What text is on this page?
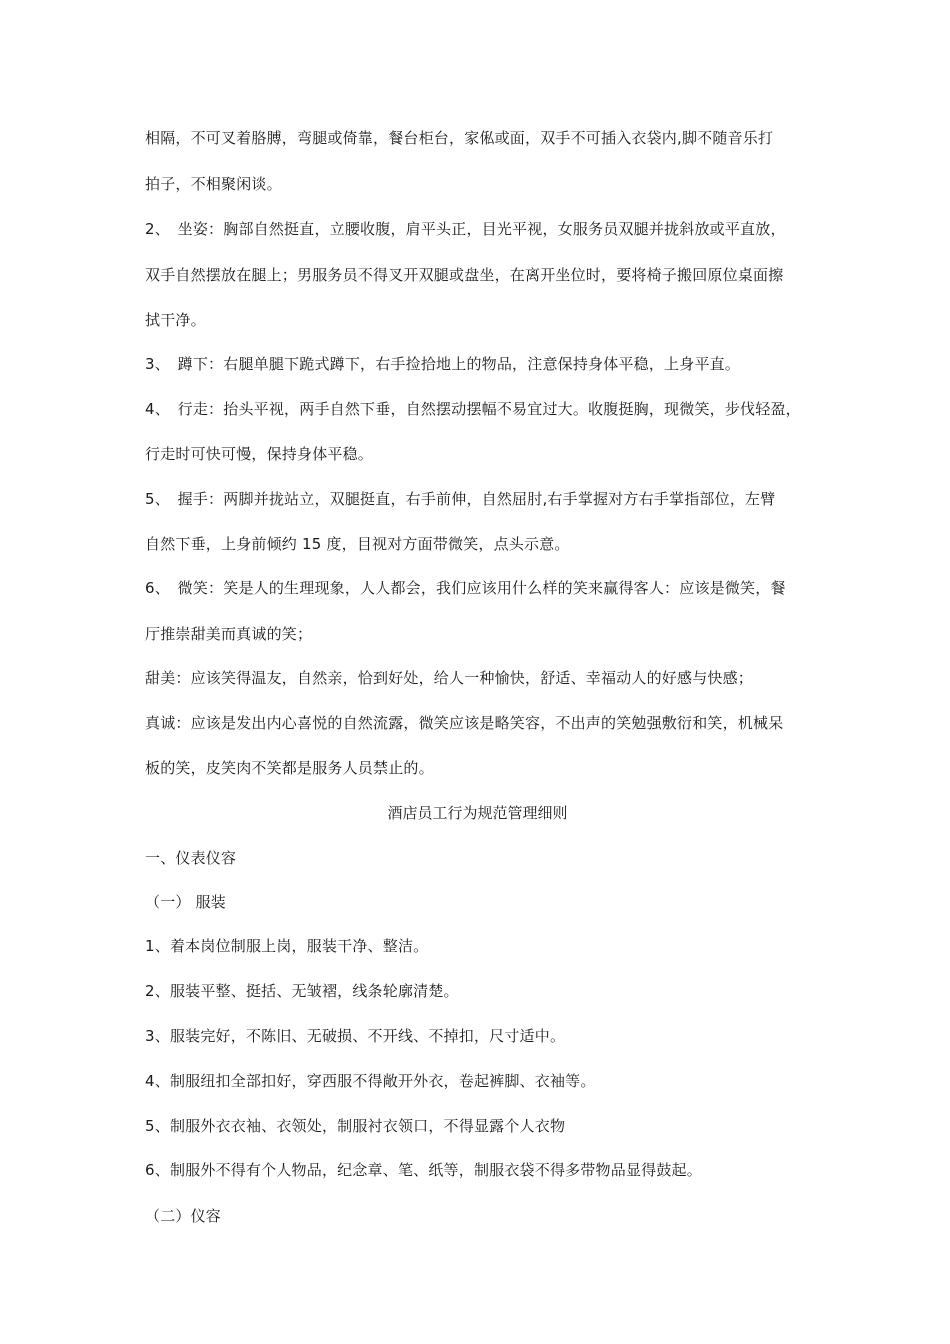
相隔，不可叉着胳膊，弯腿或倚靠，餐台柜台，家俬或面，双手不可插入衣袋内,脚不随音乐打
拍子，不相聚闲谈。
2、　坐姿：胸部自然挺直，立腰收腹，肩平头正，目光平视，女服务员双腿并拢斜放或平直放，
双手自然摆放在腿上；男服务员不得叉开双腿或盘坐，在离开坐位时，要将椅子搬回原位桌面擦
拭干净。
3、　蹲下：右腿单腿下跪式蹲下，右手捡拾地上的物品，注意保持身体平稳，上身平直。
4、　行走：抬头平视，两手自然下垂，自然摆动摆幅不易宜过大。收腹挺胸，现微笑，步伐轻盈，
行走时可快可慢，保持身体平稳。
5、　握手：两脚并拢站立，双腿挺直，右手前伸，自然屈肘,右手掌握对方右手掌指部位，左臂
自然下垂，上身前倾约 15 度，目视对方面带微笑，点头示意。
6、　微笑：笑是人的生理现象，人人都会，我们应该用什么样的笑来赢得客人：应该是微笑，餐
厅推崇甜美而真诚的笑；
甜美：应该笑得温友，自然亲，恰到好处，给人一种愉快，舒适、幸福动人的好感与快感；
真诚：应该是发出内心喜悦的自然流露，微笑应该是略笑容，不出声的笑勉强敷衍和笑，机械呆
板的笑，皮笑肉不笑都是服务人员禁止的。
酒店员工行为规范管理细则
一、仪表仪容
（一） 服装
1、着本岗位制服上岗，服装干净、整洁。
2、服装平整、挺括、无皱褶，线条轮廓清楚。
3、服装完好，不陈旧、无破损、不开线、不掉扣，尺寸适中。
4、制服纽扣全部扣好，穿西服不得敞开外衣，卷起裤脚、衣袖等。
5、制服外衣衣袖、衣领处，制服衬衣领口，不得显露个人衣物
6、制服外不得有个人物品，纪念章、笔、纸等，制服衣袋不得多带物品显得鼓起。
（二）仪容
